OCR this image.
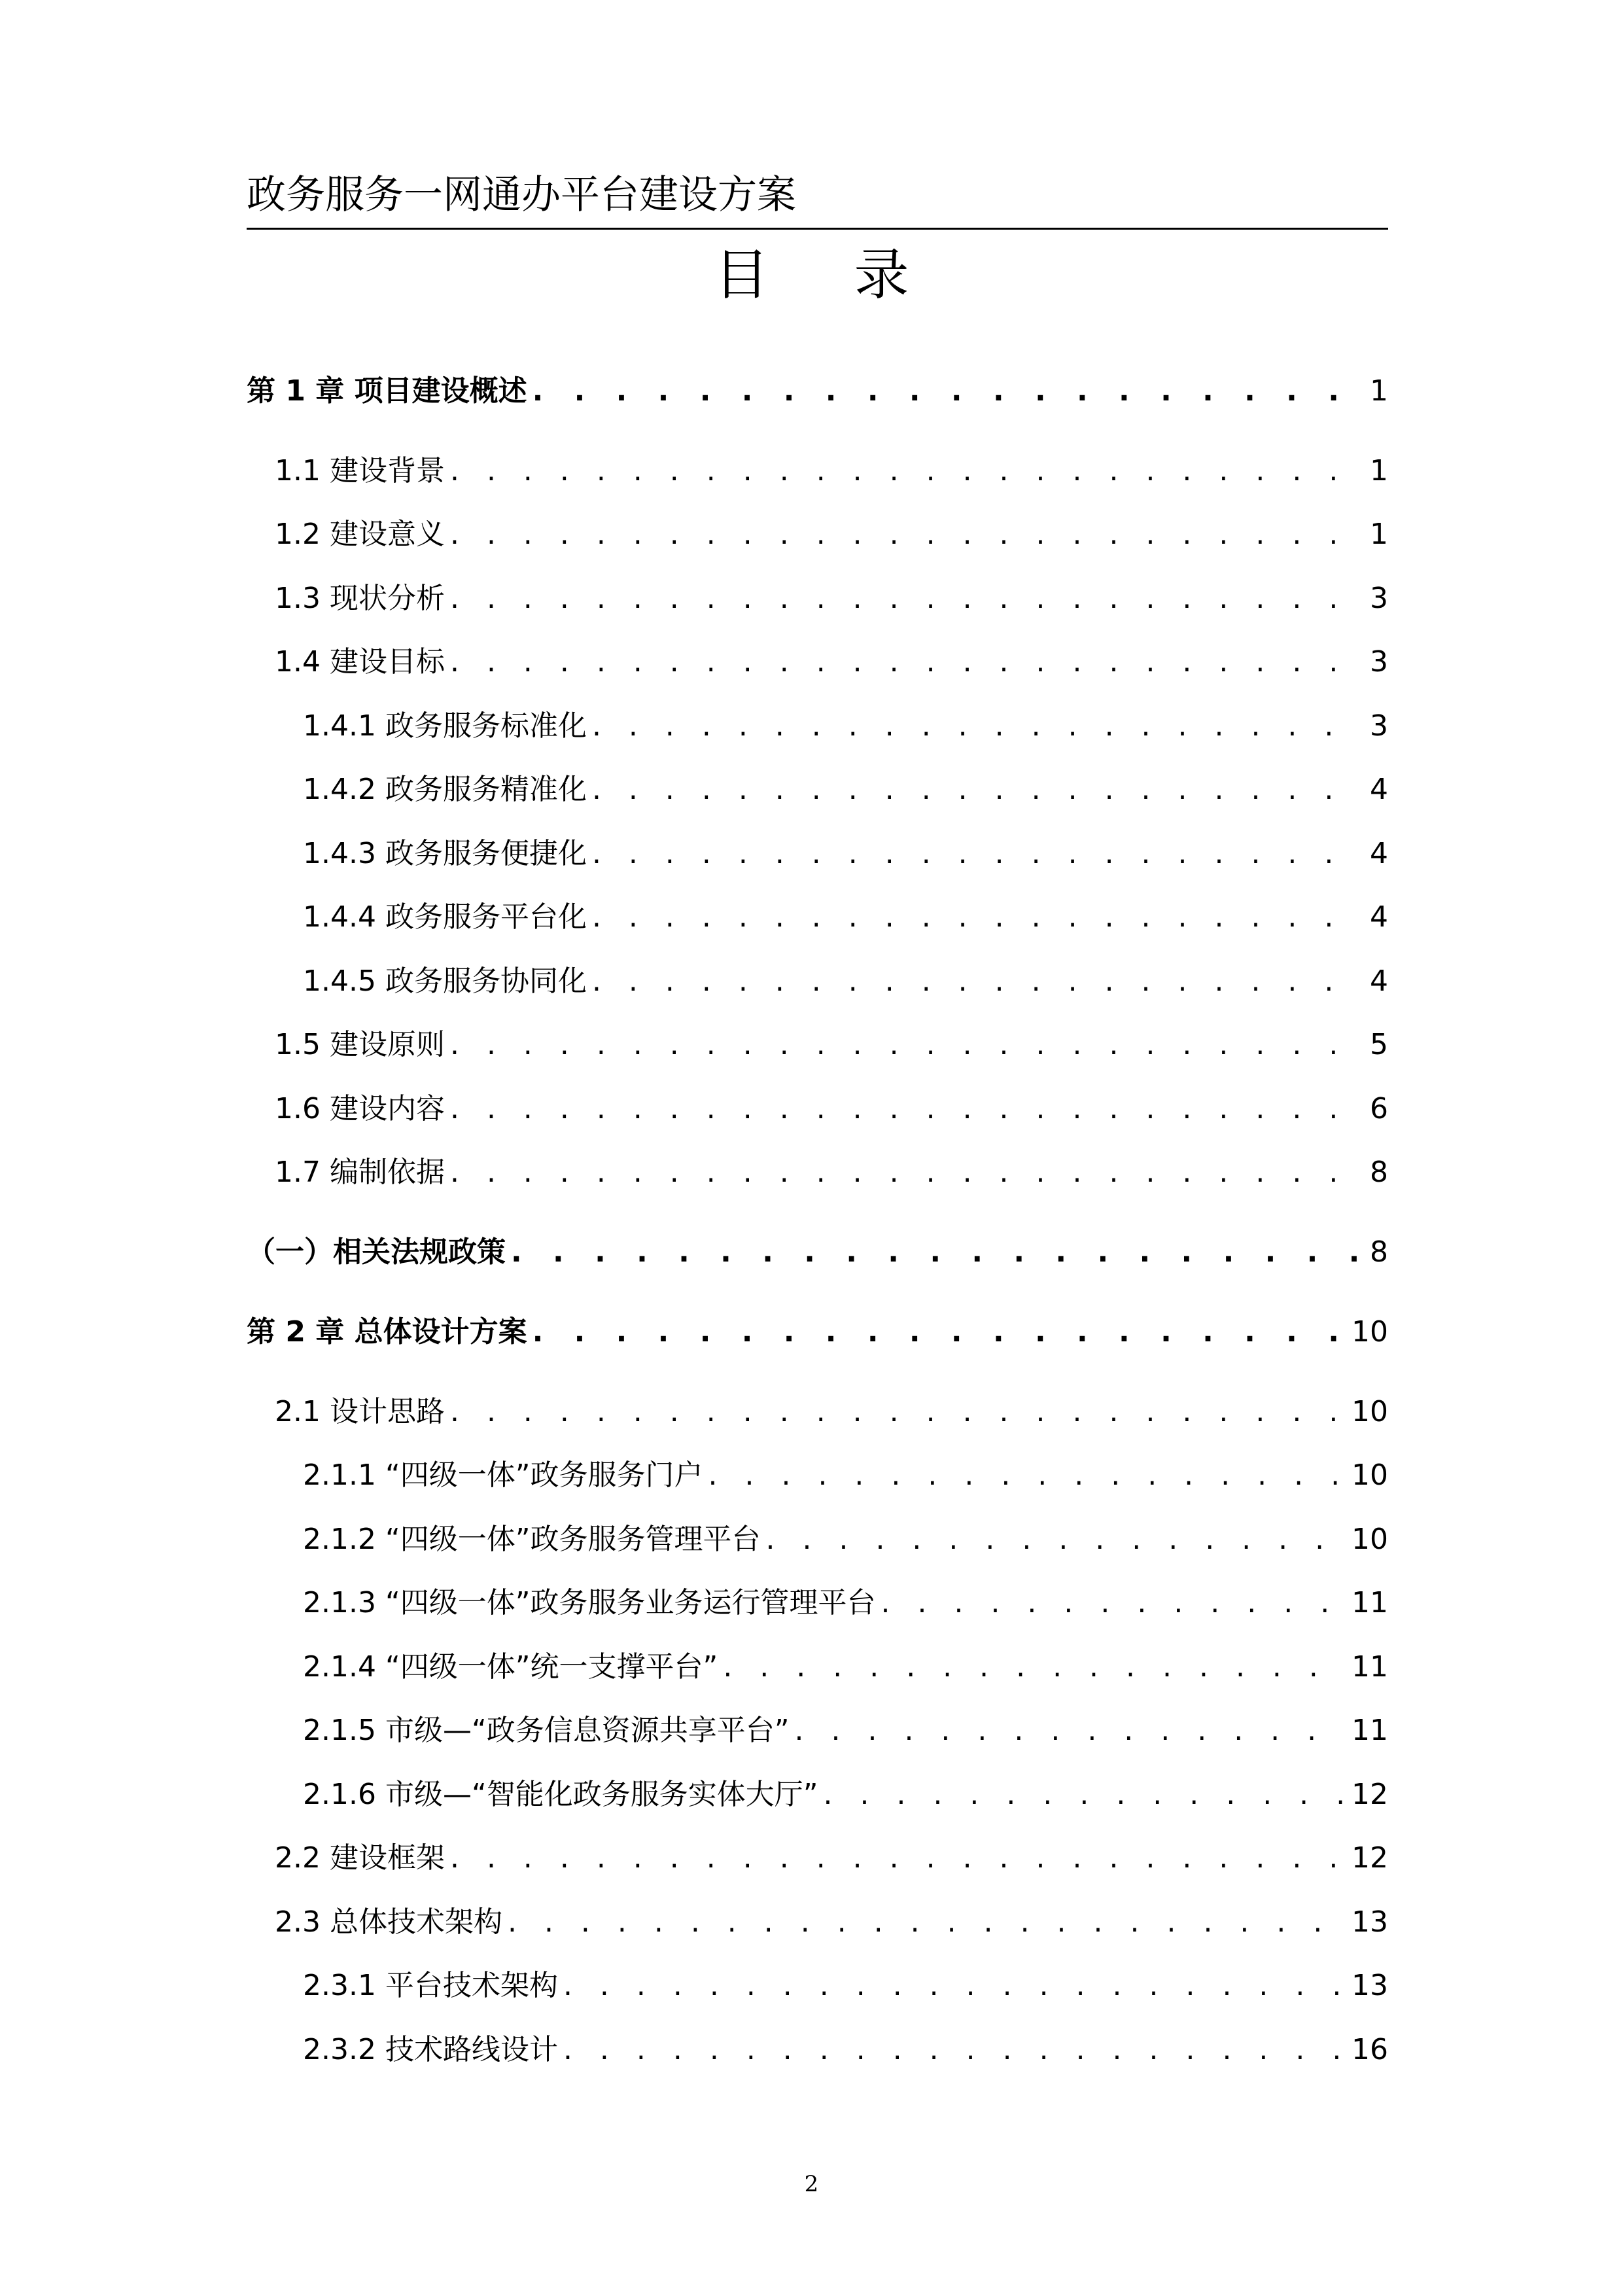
政务服务一网通办平台建设方案
目 录
第 1 章 项目建设概述 . . .	1
1.1 建设背景 . . .	1
1.2 建设意义 . . .	1
1.3 现状分析 . . .	3
1.4 建设目标 . . .	3
1.4.1 政务服务标准化 . . .	3
1.4.2 政务服务精准化 . . .	4
1.4.3 政务服务便捷化 . . .	4
1.4.4 政务服务平台化 . . .	4
1.4.5 政务服务协同化 . . .	4
1.5 建设原则 . . .	5
1.6 建设内容 . . .	6
1.7 编制依据 . . .	8
（一）相关法规政策 . . .	8
第 2 章 总体设计方案 . . .	10
2.1 设计思路 . . .	10
2.1.1 “四级一体”政务服务门户 . . .	10
2.1.2 “四级一体”政务服务管理平台 . . .	10
2.1.3 “四级一体”政务服务业务运行管理平台 . . .	11
2.1.4 “四级一体”统一支撑平台” . . .	11
2.1.5 市级—“政务信息资源共享平台” . . .	11
2.1.6 市级—“智能化政务服务实体大厅” . . .	12
2.2 建设框架 . . .	12
2.3 总体技术架构 . . .	13
2.3.1 平台技术架构 . . .	13
2.3.2 技术路线设计 . . .	16
2
